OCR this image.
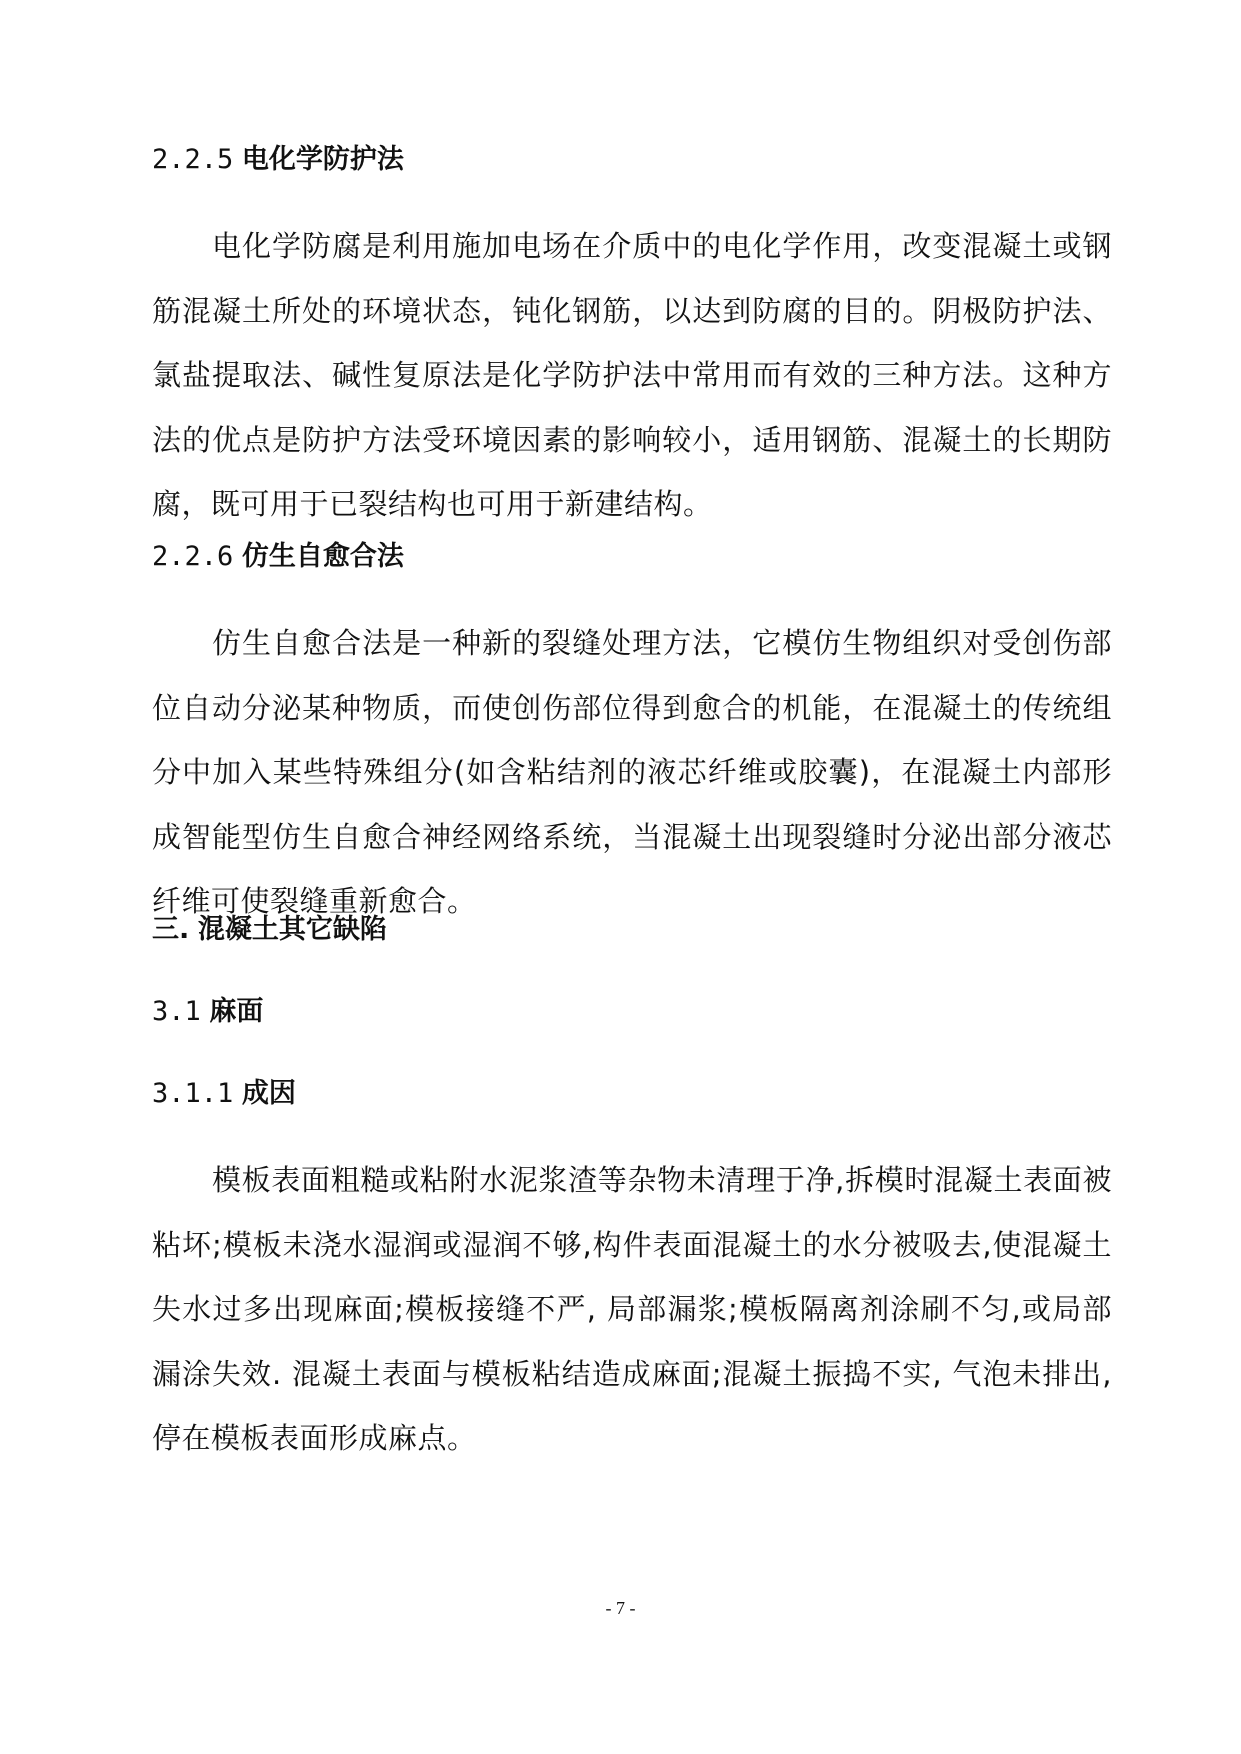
2.2.5 电化学防护法

电化学防腐是利用施加电场在介质中的电化学作用，改变混凝土或钢筋混凝土所处的环境状态，钝化钢筋，以达到防腐的目的。阴极防护法、氯盐提取法、碱性复原法是化学防护法中常用而有效的三种方法。这种方法的优点是防护方法受环境因素的影响较小，适用钢筋、混凝土的长期防腐，既可用于已裂结构也可用于新建结构。

2.2.6 仿生自愈合法

仿生自愈合法是一种新的裂缝处理方法，它模仿生物组织对受创伤部位自动分泌某种物质，而使创伤部位得到愈合的机能，在混凝土的传统组分中加入某些特殊组分(如含粘结剂的液芯纤维或胶囊)，在混凝土内部形成智能型仿生自愈合神经网络系统，当混凝土出现裂缝时分泌出部分液芯纤维可使裂缝重新愈合。

三. 混凝土其它缺陷
3.1 麻面
3.1.1 成因

模板表面粗糙或粘附水泥浆渣等杂物未清理于净,拆模时混凝土表面被粘坏;模板未浇水湿润或湿润不够,构件表面混凝土的水分被吸去,使混凝土失水过多出现麻面;模板接缝不严, 局部漏浆;模板隔离剂涂刷不匀,或局部漏涂失效. 混凝土表面与模板粘结造成麻面;混凝土振捣不实, 气泡未排出,停在模板表面形成麻点。

- 7 -
